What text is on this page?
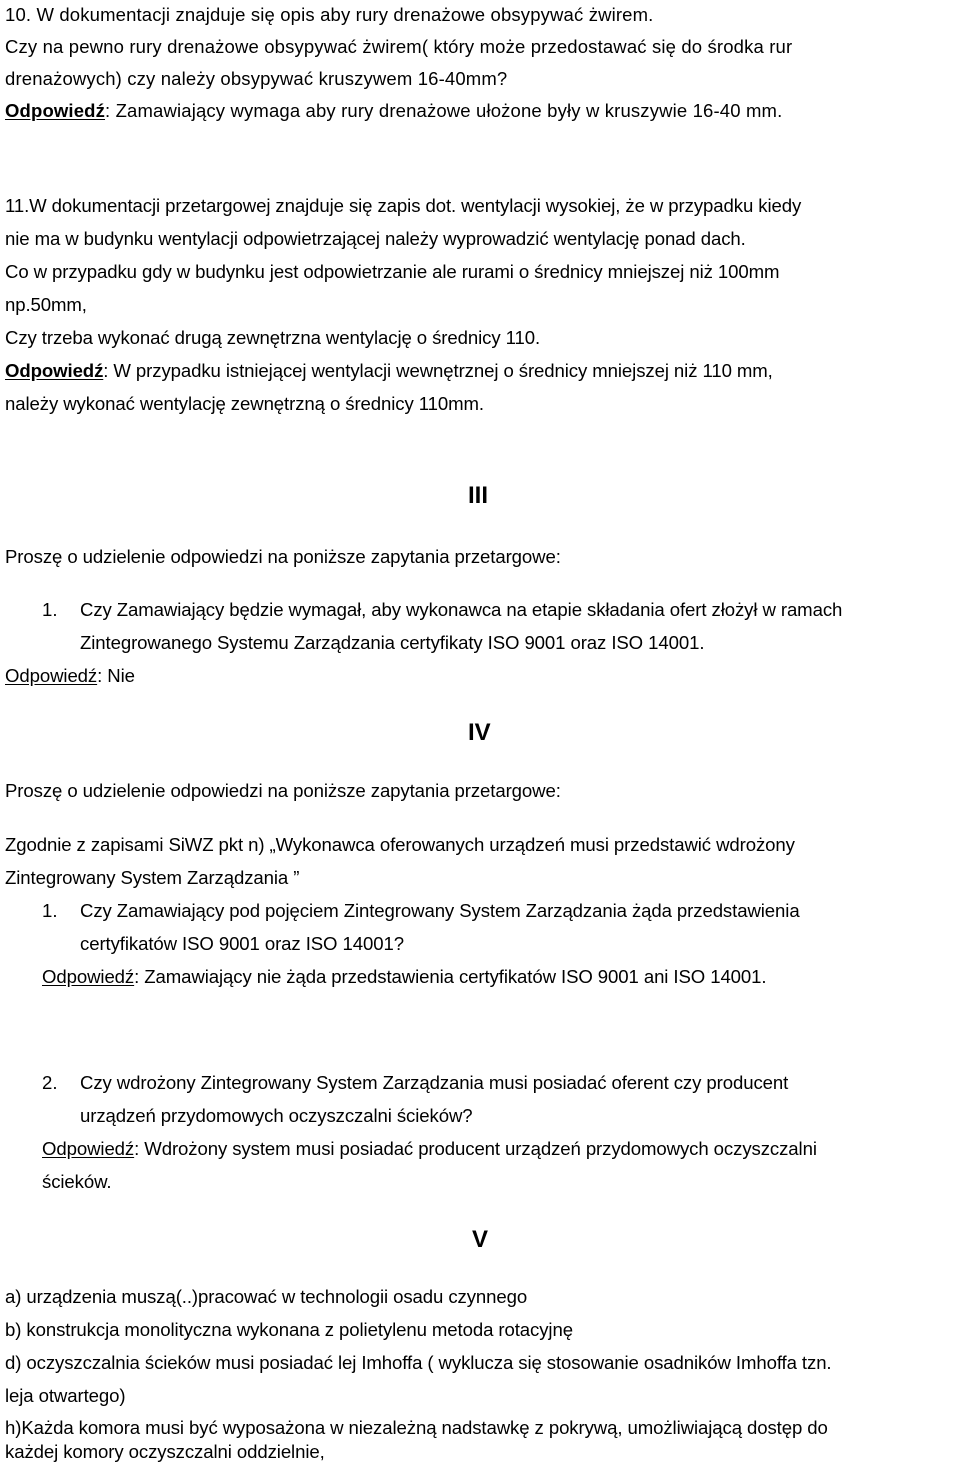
10. W dokumentacji znajduje się opis aby rury drenażowe obsypywać żwirem.
Czy na pewno rury drenażowe obsypywać żwirem( który może przedostawać się do środka rur
drenażowych) czy należy obsypywać kruszywem 16-40mm?
Odpowiedź: Zamawiający wymaga aby rury drenażowe ułożone były w kruszywie 16-40 mm.
11.W dokumentacji przetargowej znajduje się zapis dot. wentylacji wysokiej, że w przypadku kiedy
nie ma w budynku wentylacji odpowietrzającej należy wyprowadzić wentylację ponad dach.
Co w przypadku gdy w budynku jest odpowietrzanie ale rurami o średnicy mniejszej niż 100mm
np.50mm,
Czy trzeba wykonać drugą zewnętrzna wentylację o średnicy 110.
Odpowiedź: W przypadku istniejącej wentylacji wewnętrznej o średnicy mniejszej niż 110 mm,
należy wykonać wentylację zewnętrzną o średnicy 110mm.
III
Proszę o udzielenie odpowiedzi na poniższe zapytania przetargowe:
1. Czy Zamawiający będzie wymagał, aby wykonawca na etapie składania ofert złożył w ramach
Zintegrowanego Systemu Zarządzania certyfikaty ISO 9001 oraz ISO 14001.
Odpowiedź: Nie
IV
Proszę o udzielenie odpowiedzi na poniższe zapytania przetargowe:
Zgodnie z zapisami SiWZ pkt n) „Wykonawca oferowanych urządzeń musi przedstawić wdrożony
Zintegrowany System Zarządzania ”
1. Czy Zamawiający pod pojęciem Zintegrowany System Zarządzania żąda przedstawienia
certyfikatów ISO 9001 oraz ISO 14001?
Odpowiedź: Zamawiający nie żąda przedstawienia certyfikatów ISO 9001 ani ISO 14001.
2. Czy wdrożony Zintegrowany System Zarządzania musi posiadać oferent czy producent
urządzeń przydomowych oczyszczalni ścieków?
Odpowiedź: Wdrożony system musi posiadać producent urządzeń przydomowych oczyszczalni
ścieków.
V
a) urządzenia muszą(..)pracować w technologii osadu czynnego
b) konstrukcja monolityczna wykonana z polietylenu metoda rotacyjnę
d) oczyszczalnia ścieków musi posiadać lej Imhoffa ( wyklucza się stosowanie osadników Imhoffa tzn.
leja otwartego)
h)Każda komora musi być wyposażona w niezależną nadstawkę z pokrywą, umożliwiającą dostęp do
każdej komory oczyszczalni oddzielnie,
